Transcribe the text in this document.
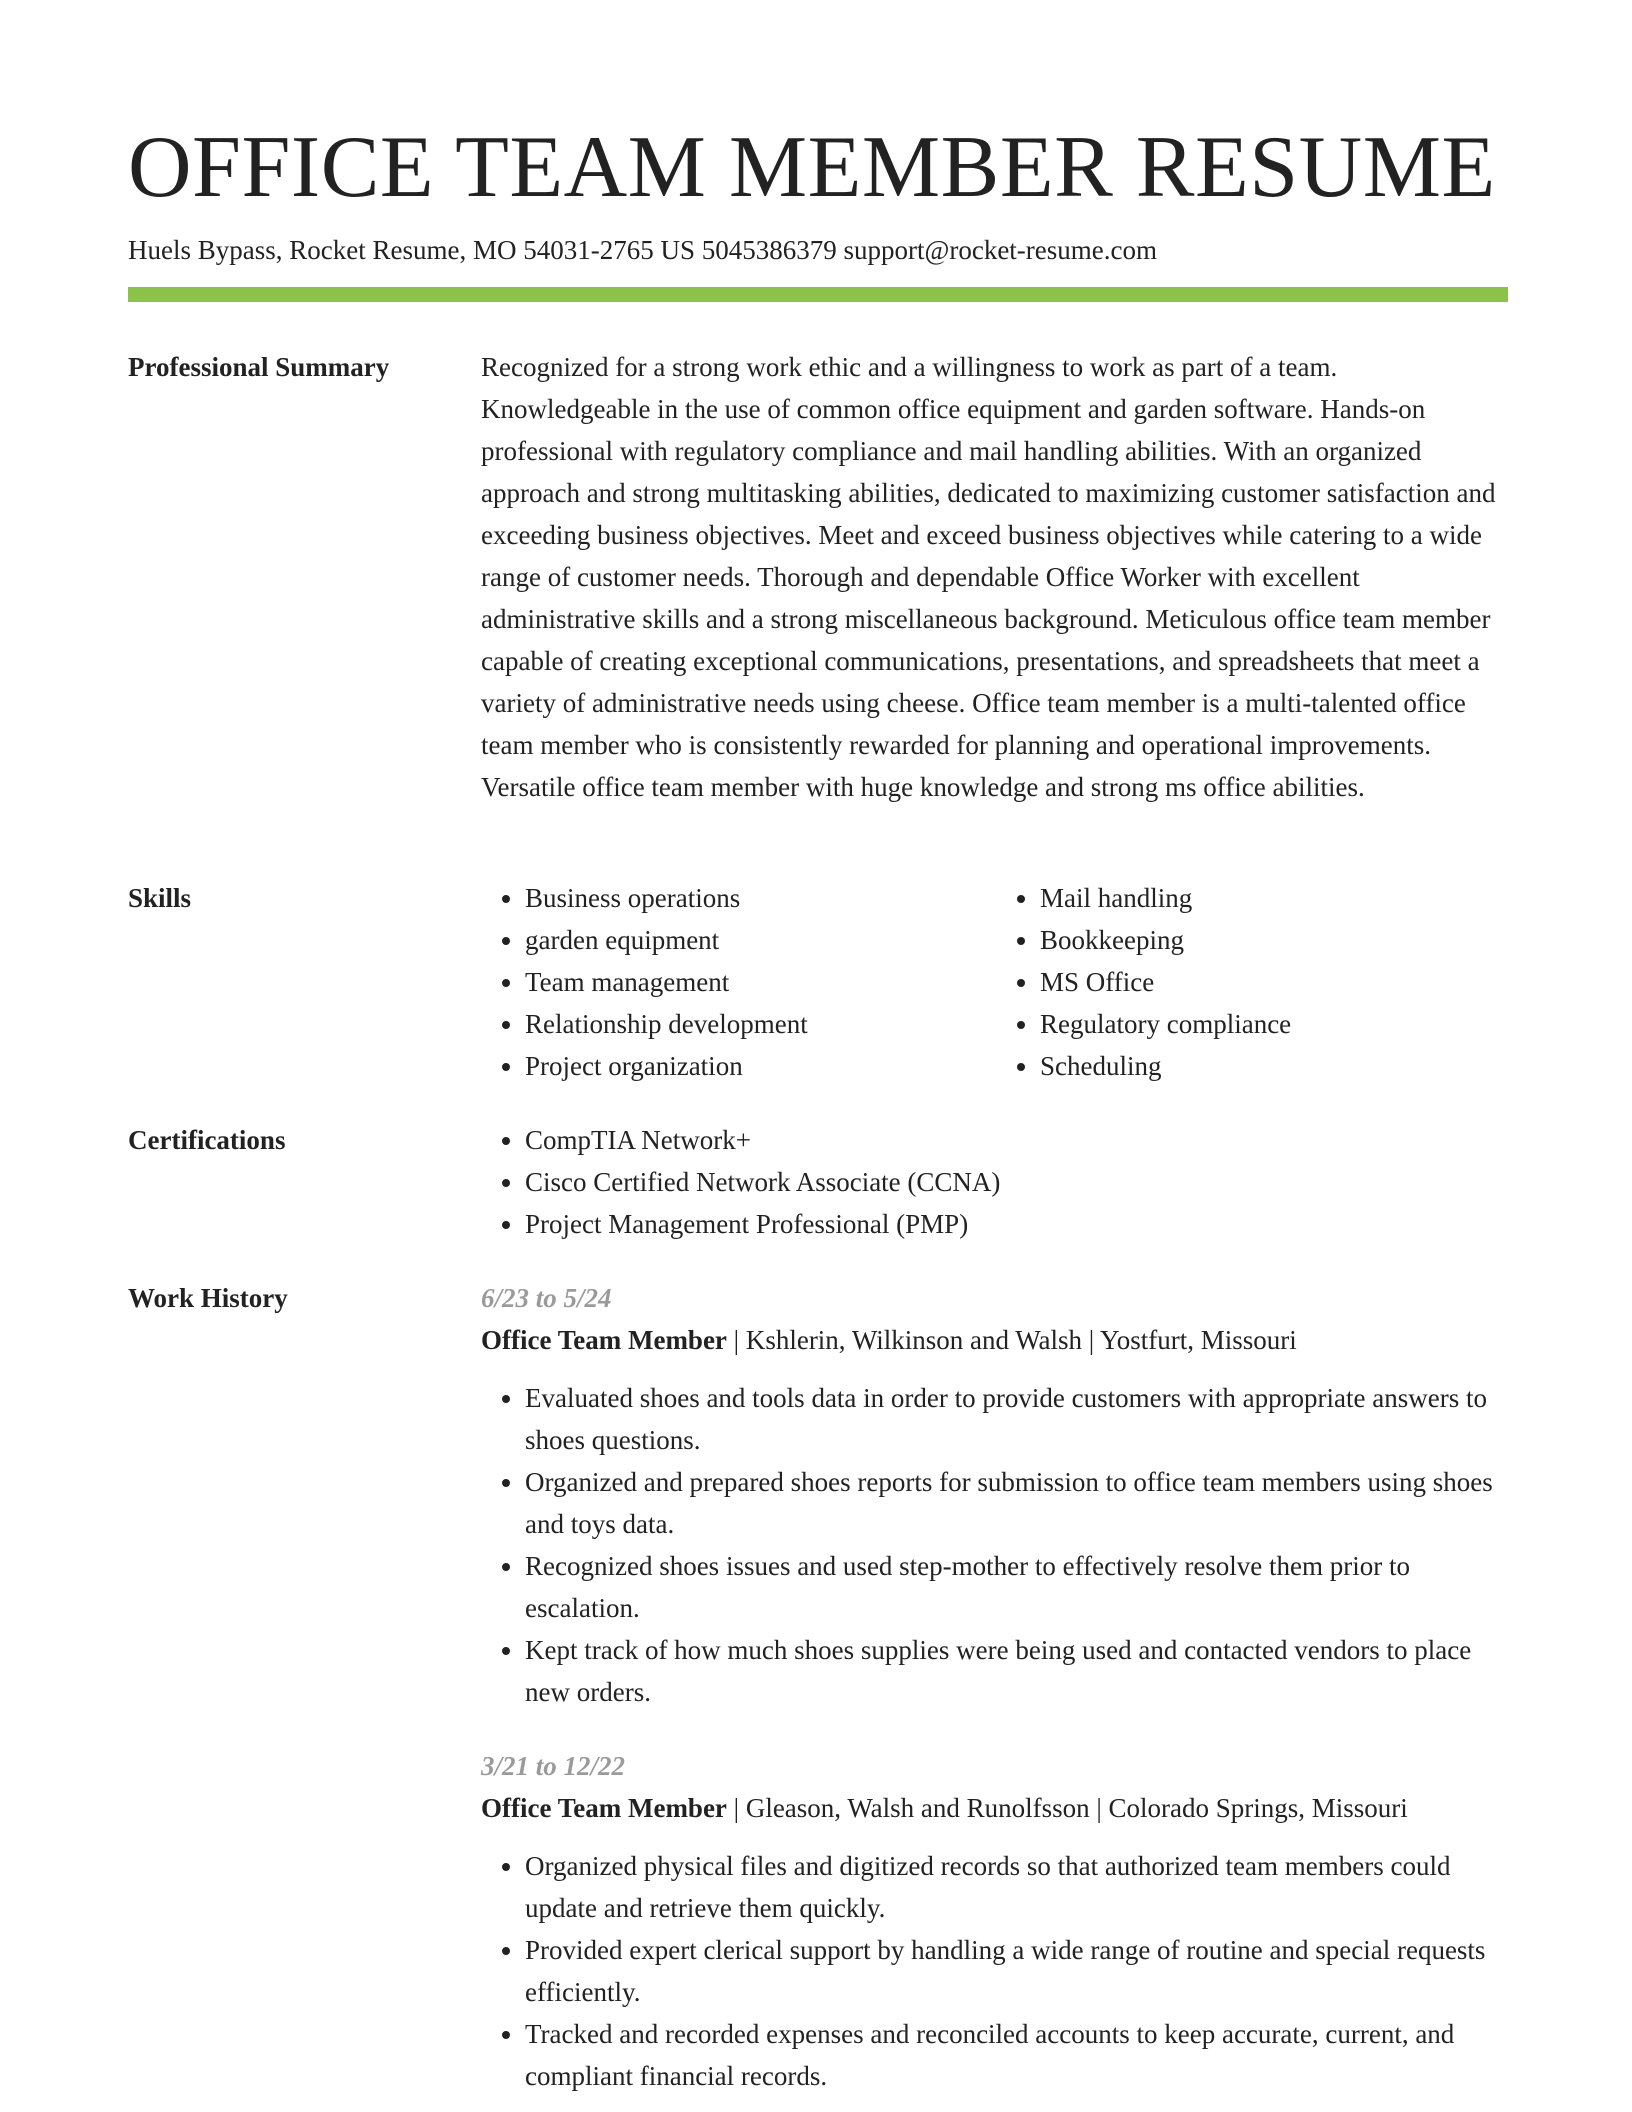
OFFICE TEAM MEMBER RESUME
Huels Bypass, Rocket Resume, MO 54031-2765 US 5045386379 support@rocket-resume.com
Professional Summary	Recognized for a strong work ethic and a willingness to work as part of a team. Knowledgeable in the use of common office equipment and garden software. Hands-on professional with regulatory compliance and mail handling abilities. With an organized approach and strong multitasking abilities, dedicated to maximizing customer satisfaction and exceeding business objectives. Meet and exceed business objectives while catering to a wide range of customer needs. Thorough and dependable Office Worker with excellent administrative skills and a strong miscellaneous background. Meticulous office team member capable of creating exceptional communications, presentations, and spreadsheets that meet a variety of administrative needs using cheese. Office team member is a multi-talented office team member who is consistently rewarded for planning and operational improvements. Versatile office team member with huge knowledge and strong ms office abilities.

Skills	• Business operations
• garden equipment
• Team management
• Relationship development
• Project organization
• Mail handling
• Bookkeeping
• MS Office
• Regulatory compliance
• Scheduling
Certifications	• CompTIA Network+
• Cisco Certified Network Associate (CCNA)
• Project Management Professional (PMP)
Work History	6/23 to 5/24
Office Team Member | Kshlerin, Wilkinson and Walsh | Yostfurt, Missouri
• Evaluated shoes and tools data in order to provide customers with appropriate answers to shoes questions.
• Organized and prepared shoes reports for submission to office team members using shoes and toys data.
• Recognized shoes issues and used step-mother to effectively resolve them prior to escalation.
• Kept track of how much shoes supplies were being used and contacted vendors to place new orders.
3/21 to 12/22
Office Team Member | Gleason, Walsh and Runolfsson | Colorado Springs, Missouri
• Organized physical files and digitized records so that authorized team members could update and retrieve them quickly.
• Provided expert clerical support by handling a wide range of routine and special requests efficiently.
• Tracked and recorded expenses and reconciled accounts to keep accurate, current, and compliant financial records.
